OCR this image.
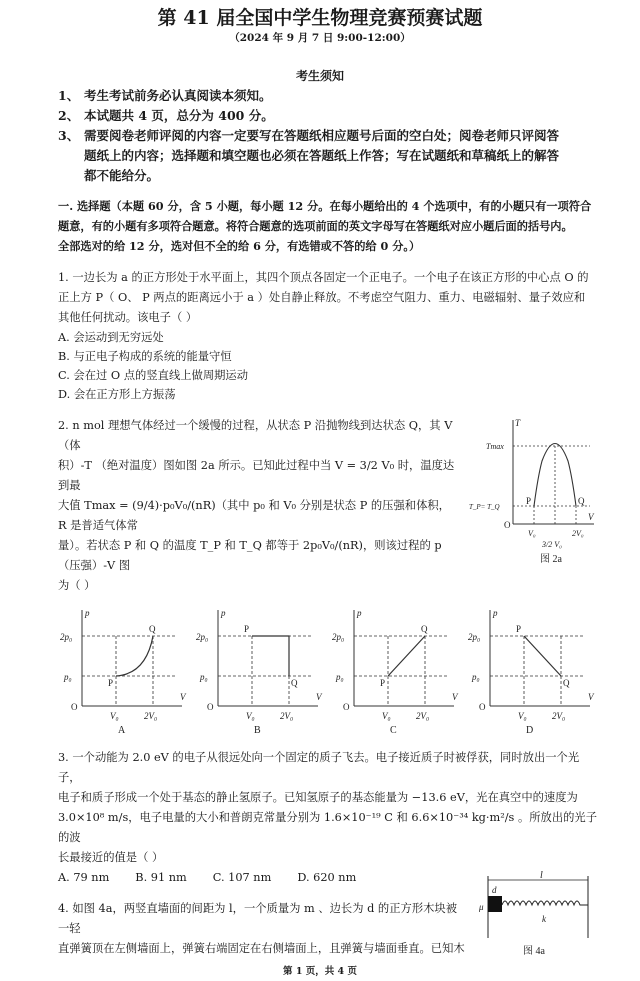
第 41 届全国中学生物理竞赛预赛试题
（2024 年 9 月 7 日 9:00-12:00）
考生须知
1、 考生考试前务必认真阅读本须知。
2、 本试题共 4 页，总分为 400 分。
3、 需要阅卷老师评阅的内容一定要写在答题纸相应题号后面的空白处；阅卷老师只评阅答
题纸上的内容；选择题和填空题也必须在答题纸上作答；写在试题纸和草稿纸上的解答
都不能给分。
一. 选择题（本题 60 分，含 5 小题，每小题 12 分。在每小题给出的 4 个选项中，有的小题只有一项符合
题意，有的小题有多项符合题意。将符合题意的选项前面的英文字母写在答题纸对应小题后面的括号内。
全部选对的给 12 分，选对但不全的给 6 分，有选错或不答的给 0 分。）
1. 一边长为 a 的正方形处于水平面上，其四个顶点各固定一个正电子。一个电子在该正方形的中心点 O 的
正上方 P（ O、 P 两点的距离远小于 a ）处自静止释放。不考虑空气阻力、重力、电磁辐射、量子效应和
其他任何扰动。该电子（ ）
A. 会运动到无穷远处
B. 与正电子构成的系统的能量守恒
C. 会在过 O 点的竖直线上做周期运动
D. 会在正方形上方振荡
T
V
O
Tmax
T_P= T_Q
V₀
3/2 V₀
2V₀
P	Q
图 2a
2. n mol 理想气体经过一个缓慢的过程，从状态 P 沿抛物线到达状态 Q，其 V（体
积）-T （绝对温度）图如图 2a 所示。已知此过程中当 V = 3/2 V₀ 时，温度达到最
大值 Tmax = (9/4)·p₀V₀/(nR)（其中 p₀ 和 V₀ 分别是状态 P 的压强和体积，R 是普适气体常
量）。若状态 P 和 Q 的温度 T_P 和 T_Q 都等于 2p₀V₀/(nR)，则该过程的 p（压强）-V 图
为（ ）
p
V
O
2p₀
p₀
V₀	2V₀
P
Q
A
p
V
O
2p₀
p₀
V₀	2V₀
P
Q
B
p
V
O
2p₀
p₀
V₀	2V₀
P
Q
C
p
V
O
2p₀
p₀
V₀	2V₀
P
Q
D
3. 一个动能为 2.0 eV 的电子从很远处向一个固定的质子飞去。电子接近质子时被俘获，同时放出一个光子，
电子和质子形成一个处于基态的静止氢原子。已知氢原子的基态能量为 −13.6 eV，光在真空中的速度为
3.0×10⁸ m/s，电子电量的大小和普朗克常量分别为 1.6×10⁻¹⁹ C 和 6.6×10⁻³⁴ kg·m²/s 。所放出的光子的波
长最接近的值是（ ）
l
d
μ
k
图 4a
A. 79 nm B. 91 nm C. 107 nm D. 620 nm
4. 如图 4a，两竖直墙面的间距为 l，一个质量为 m 、边长为 d 的正方形木块被一轻
直弹簧顶在左侧墙面上，弹簧右端固定在右侧墙面上，且弹簧与墙面垂直。已知木
第 1 页，共 4 页
